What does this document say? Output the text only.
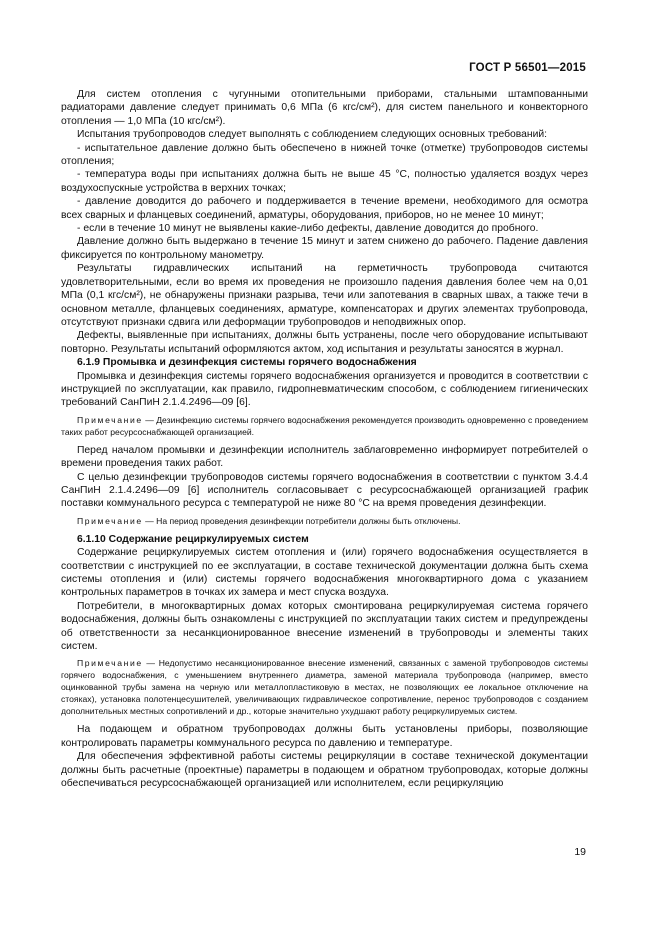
ГОСТ Р 56501—2015

Для систем отопления с чугунными отопительными приборами, стальными штампованными радиаторами давление следует принимать 0,6 МПа (6 кгс/см²), для систем панельного и конвекторного отопления — 1,0 МПа (10 кгс/см²).

Испытания трубопроводов следует выполнять с соблюдением следующих основных требований:

- испытательное давление должно быть обеспечено в нижней точке (отметке) трубопроводов системы отопления;

- температура воды при испытаниях должна быть не выше 45 °С, полностью удаляется воздух через воздухоспускные устройства в верхних точках;

- давление доводится до рабочего и поддерживается в течение времени, необходимого для осмотра всех сварных и фланцевых соединений, арматуры, оборудования, приборов, но не менее 10 минут;

- если в течение 10 минут не выявлены какие-либо дефекты, давление доводится до пробного.

Давление должно быть выдержано в течение 15 минут и затем снижено до рабочего. Падение давления фиксируется по контрольному манометру.

Результаты гидравлических испытаний на герметичность трубопровода считаются удовлетворительными, если во время их проведения не произошло падения давления более чем на 0,01 МПа (0,1 кгс/см²), не обнаружены признаки разрыва, течи или запотевания в сварных швах, а также течи в основном металле, фланцевых соединениях, арматуре, компенсаторах и других элементах трубопровода, отсутствуют признаки сдвига или деформации трубопроводов и неподвижных опор.

Дефекты, выявленные при испытаниях, должны быть устранены, после чего оборудование испытывают повторно. Результаты испытаний оформляются актом, ход испытания и результаты заносятся в журнал.

6.1.9 Промывка и дезинфекция системы горячего водоснабжения

Промывка и дезинфекция системы горячего водоснабжения организуется и проводится в соответствии с инструкцией по эксплуатации, как правило, гидропневматическим способом, с соблюдением гигиенических требований СанПиН 2.1.4.2496—09 [6].

Примечание — Дезинфекцию системы горячего водоснабжения рекомендуется производить одновременно с проведением таких работ ресурсоснабжающей организацией.

Перед началом промывки и дезинфекции исполнитель заблаговременно информирует потребителей о времени проведения таких работ.

С целью дезинфекции трубопроводов системы горячего водоснабжения в соответствии с пунктом 3.4.4 СанПиН 2.1.4.2496—09 [6] исполнитель согласовывает с ресурсоснабжающей организацией график поставки коммунального ресурса с температурой не ниже 80 °С на время проведения дезинфекции.

Примечание — На период проведения дезинфекции потребители должны быть отключены.

6.1.10 Содержание рециркулируемых систем

Содержание рециркулируемых систем отопления и (или) горячего водоснабжения осуществляется в соответствии с инструкцией по ее эксплуатации, в составе технической документации должна быть схема системы отопления и (или) системы горячего водоснабжения многоквартирного дома с указанием контрольных параметров в точках их замера и мест спуска воздуха.

Потребители, в многоквартирных домах которых смонтирована рециркулируемая система горячего водоснабжения, должны быть ознакомлены с инструкцией по эксплуатации таких систем и предупреждены об ответственности за несанкционированное внесение изменений в трубопроводы и элементы таких систем.

Примечание — Недопустимо несанкционированное внесение изменений, связанных с заменой трубопроводов системы горячего водоснабжения, с уменьшением внутреннего диаметра, заменой материала трубопровода (например, вместо оцинкованной трубы замена на черную или металлопластиковую в местах, не позволяющих ее локальное отключение на стояках), установка полотенцесушителей, увеличивающих гидравлическое сопротивление, перенос трубопроводов с созданием дополнительных местных сопротивлений и др., которые значительно ухудшают работу рециркулируемых систем.

На подающем и обратном трубопроводах должны быть установлены приборы, позволяющие контролировать параметры коммунального ресурса по давлению и температуре.

Для обеспечения эффективной работы системы рециркуляции в составе технической документации должны быть расчетные (проектные) параметры в подающем и обратном трубопроводах, которые должны обеспечиваться ресурсоснабжающей организацией или исполнителем, если рециркуляцию

19
